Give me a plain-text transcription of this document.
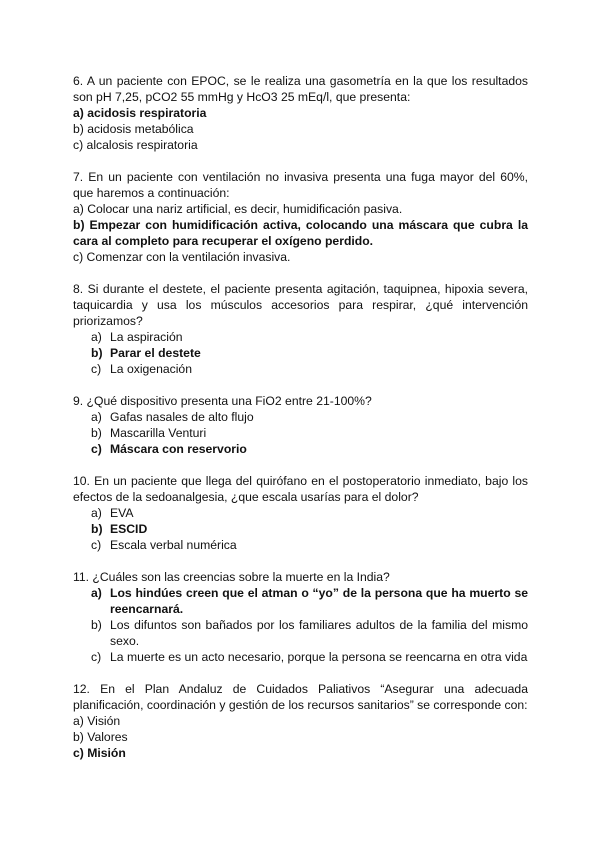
6. A un paciente con EPOC, se le realiza una gasometría en la que los resultados son pH 7,25, pCO2 55 mmHg y HcO3 25 mEq/l, que presenta:
a) acidosis respiratoria
b) acidosis metabólica
c) alcalosis respiratoria
7. En un paciente con ventilación no invasiva presenta una fuga mayor del 60%, que haremos a continuación:
a) Colocar una nariz artificial, es decir, humidificación pasiva.
b) Empezar con humidificación activa, colocando una máscara que cubra la cara al completo para recuperar el oxígeno perdido.
c) Comenzar con la ventilación invasiva.
8. Si durante el destete, el paciente presenta agitación, taquipnea, hipoxia severa, taquicardia y usa los músculos accesorios para respirar, ¿qué intervención priorizamos?
a) La aspiración
b) Parar el destete
c) La oxigenación
9. ¿Qué dispositivo presenta una FiO2 entre 21-100%?
a) Gafas nasales de alto flujo
b) Mascarilla Venturi
c) Máscara con reservorio
10. En un paciente que llega del quirófano en el postoperatorio inmediato, bajo los efectos de la sedoanalgesia, ¿que escala usarías para el dolor?
a) EVA
b) ESCID
c) Escala verbal numérica
11. ¿Cuáles son las creencias sobre la muerte en la India?
a) Los hindúes creen que el atman o “yo” de la persona que ha muerto se reencarnará.
b) Los difuntos son bañados por los familiares adultos de la familia del mismo sexo.
c) La muerte es un acto necesario, porque la persona se reencarna en otra vida
12. En el Plan Andaluz de Cuidados Paliativos “Asegurar una adecuada planificación, coordinación y gestión de los recursos sanitarios” se corresponde con:
a) Visión
b) Valores
c) Misión
